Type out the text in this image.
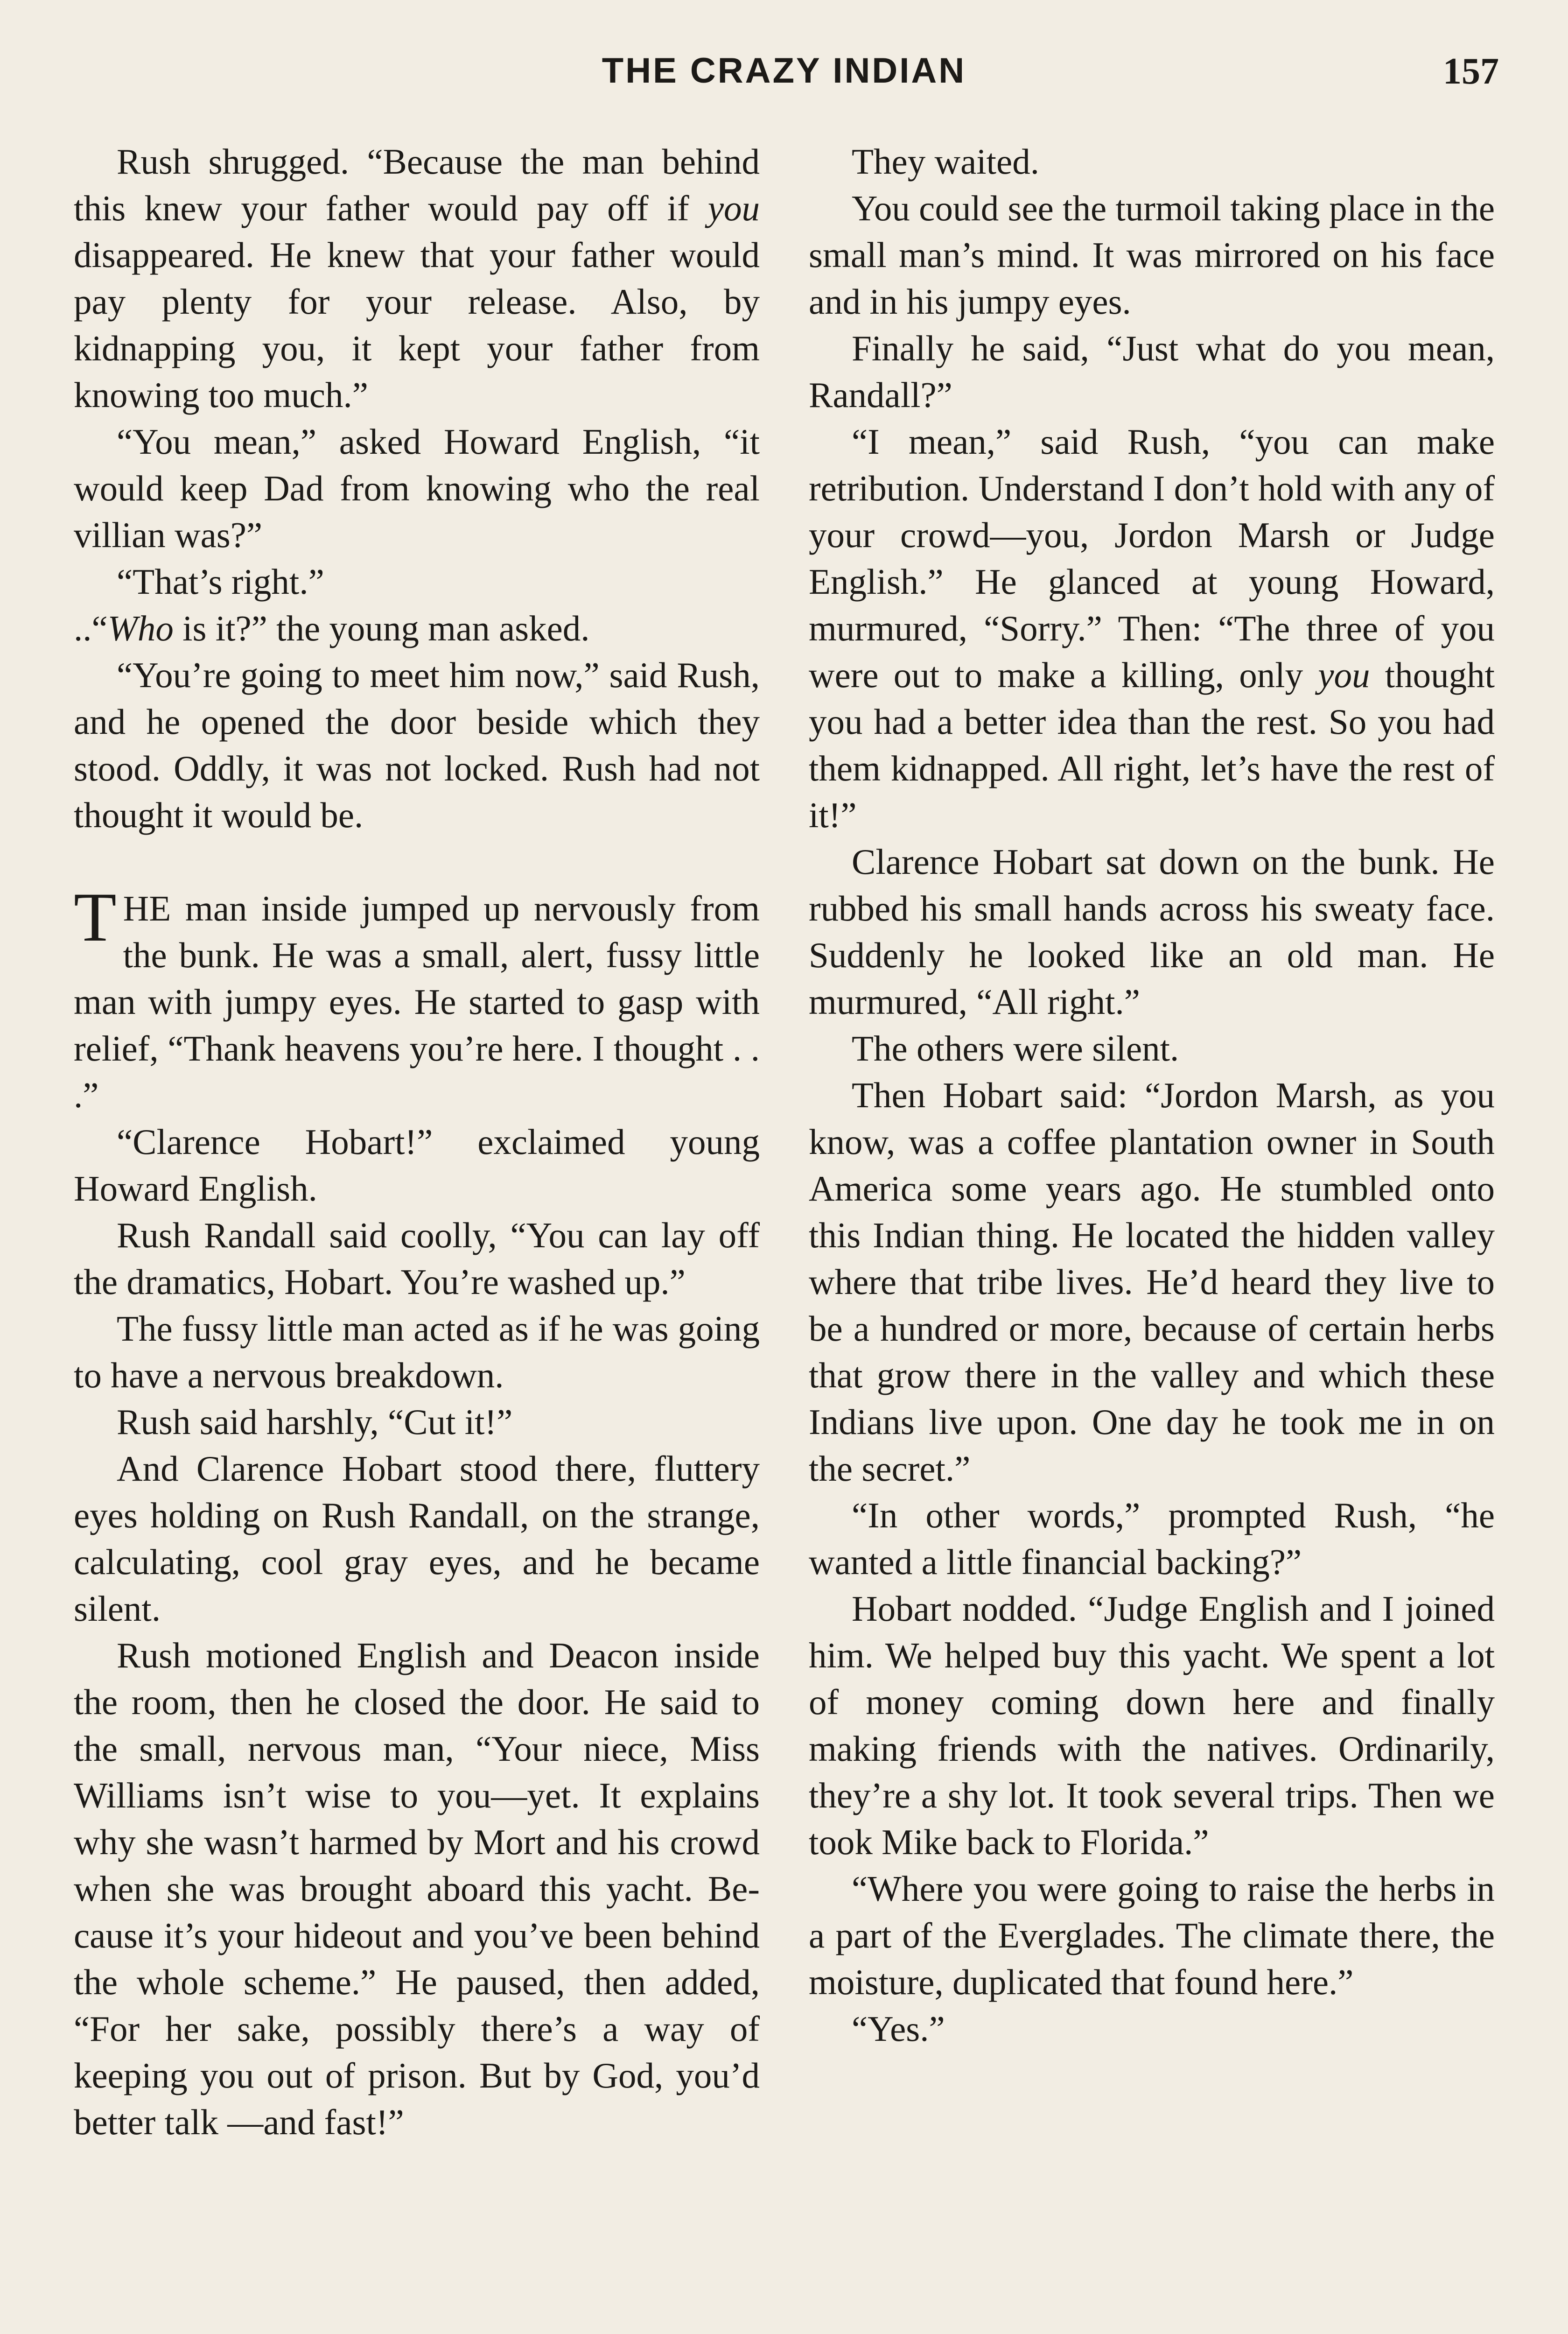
THE CRAZY INDIAN	157

Rush shrugged. “Because the man behind this knew your father would pay off if you disappeared. He knew that your father would pay plenty for your release. Also, by kidnapping you, it kept your father from knowing too much.”

“You mean,” asked Howard English, “it would keep Dad from knowing who the real villian was?”

“That’s right.”

..“Who is it?” the young man asked.

“You’re going to meet him now,” said Rush, and he opened the door beside which they stood. Oddly, it was not locked. Rush had not thought it would be.

THE man inside jumped up nervously from the bunk. He was a small, alert, fussy little man with jumpy eyes. He started to gasp with relief, “Thank heavens you’re here. I thought . . .”

“Clarence Hobart!” exclaimed young Howard English.

Rush Randall said coolly, “You can lay off the dramatics, Hobart. You’re washed up.”

The fussy little man acted as if he was going to have a nervous breakdown.

Rush said harshly, “Cut it!”

And Clarence Hobart stood there, fluttery eyes holding on Rush Randall, on the strange, calculating, cool gray eyes, and he became silent.

Rush motioned English and Deacon inside the room, then he closed the door. He said to the small, nervous man, “Your niece, Miss Williams isn’t wise to you—yet. It explains why she wasn’t harmed by Mort and his crowd when she was brought aboard this yacht. Because it’s your hideout and you’ve been behind the whole scheme.” He paused, then added, “For her sake, possibly there’s a way of keeping you out of prison. But by God, you’d better talk —and fast!”

They waited.

You could see the turmoil taking place in the small man’s mind. It was mirrored on his face and in his jumpy eyes.

Finally he said, “Just what do you mean, Randall?”

“I mean,” said Rush, “you can make retribution. Understand I don’t hold with any of your crowd—you, Jordon Marsh or Judge English.” He glanced at young Howard, murmured, “Sorry.” Then: “The three of you were out to make a killing, only you thought you had a better idea than the rest. So you had them kidnapped. All right, let’s have the rest of it!”

Clarence Hobart sat down on the bunk. He rubbed his small hands across his sweaty face. Suddenly he looked like an old man. He murmured, “All right.”

The others were silent.

Then Hobart said: “Jordon Marsh, as you know, was a coffee plantation owner in South America some years ago. He stumbled onto this Indian thing. He located the hidden valley where that tribe lives. He’d heard they live to be a hundred or more, because of certain herbs that grow there in the valley and which these Indians live upon. One day he took me in on the secret.”

“In other words,” prompted Rush, “he wanted a little financial backing?”

Hobart nodded. “Judge English and I joined him. We helped buy this yacht. We spent a lot of money coming down here and finally making friends with the natives. Ordinarily, they’re a shy lot. It took several trips. Then we took Mike back to Florida.”

“Where you were going to raise the herbs in a part of the Everglades. The climate there, the moisture, duplicated that found here.”

“Yes.”
